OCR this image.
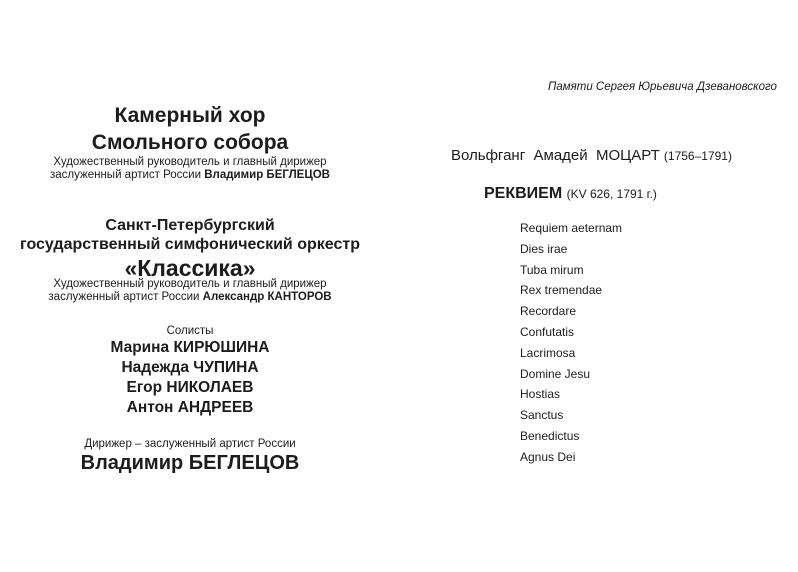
Камерный хор
Смольного собора
Художественный руководитель и главный дирижер
заслуженный артист России Владимир БЕГЛЕЦОВ
Санкт-Петербургский
государственный симфонический оркестр
«Классика»
Художественный руководитель и главный дирижер
заслуженный артист России Александр КАНТОРОВ
Солисты
Марина КИРЮШИНА
Надежда ЧУПИНА
Егор НИКОЛАЕВ
Антон АНДРЕЕВ
Дирижер – заслуженный артист России
Владимир БЕГЛЕЦОВ
Памяти Сергея Юрьевича Дзевановского
Вольфганг  Амадей  МОЦАРТ (1756–1791)
РЕКВИЕМ (KV 626, 1791 г.)
Requiem aeternam
Dies irae
Tuba mirum
Rex tremendae
Recordare
Confutatis
Lacrimosa
Domine Jesu
Hostias
Sanctus
Benedictus
Agnus Dei
